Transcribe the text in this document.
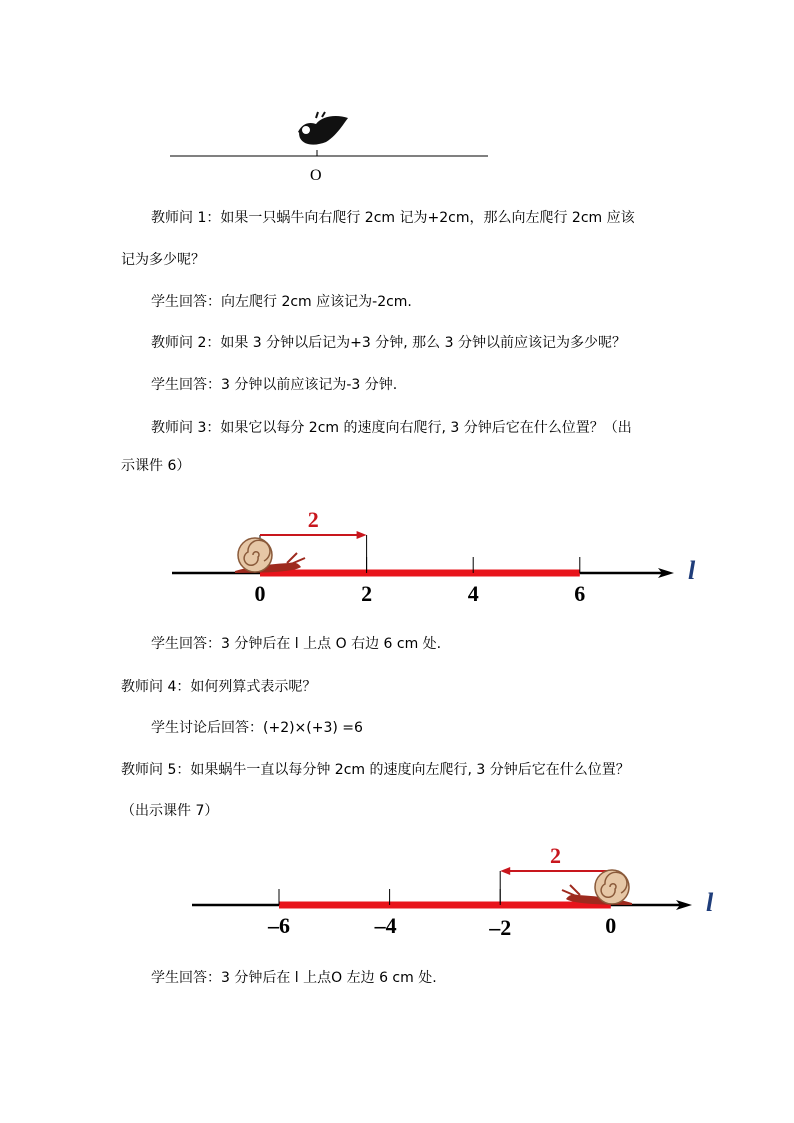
O

教师问 1：如果一只蜗牛向右爬行 2cm 记为+2cm，那么向左爬行 2cm 应该

记为多少呢？

学生回答：向左爬行 2cm 应该记为-2cm.

教师问 2：如果 3 分钟以后记为+3 分钟, 那么 3 分钟以前应该记为多少呢？

学生回答：3 分钟以前应该记为-3 分钟.

教师问 3：如果它以每分 2cm 的速度向右爬行, 3 分钟后它在什么位置？（出

示课件 6）

0	2	4	6
l
2

学生回答：3 分钟后在 l 上点 O 右边 6 cm 处.

教师问 4：如何列算式表示呢？

学生讨论后回答：(+2)×(+3) =6

教师问 5：如果蜗牛一直以每分钟 2cm 的速度向左爬行, 3 分钟后它在什么位置？

（出示课件 7）

–6	–4	–2	0
l
2

学生回答：3 分钟后在 l 上点O 左边 6 cm 处.
